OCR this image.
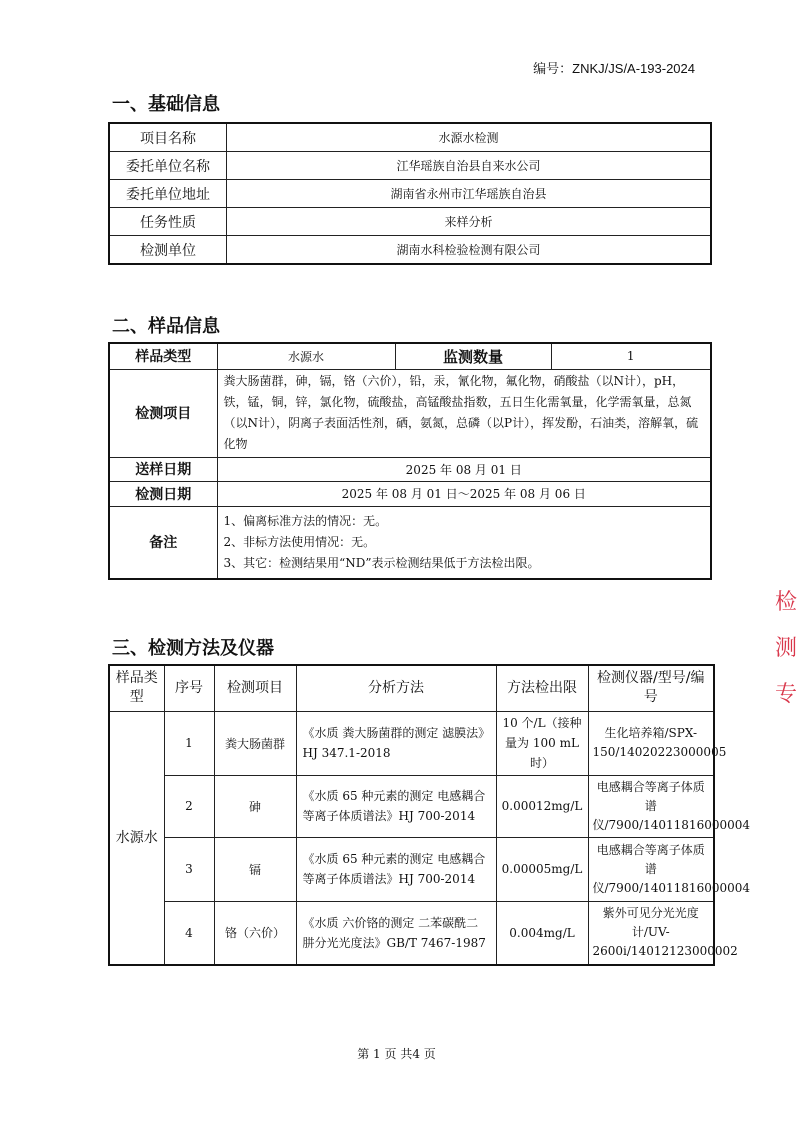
编号：ZNKJ/JS/A-193-2024
一、基础信息
项目名称	水源水检测
委托单位名称	江华瑶族自治县自来水公司
委托单位地址	湖南省永州市江华瑶族自治县
任务性质	来样分析
检测单位	湖南水科检验检测有限公司
二、样品信息
样品类型	水源水	监测数量	1
检测项目	粪大肠菌群，砷，镉，铬（六价），铅，汞，氰化物，氟化物，硝酸盐（以N计），pH，铁，锰，铜，锌，氯化物，硫酸盐，高锰酸盐指数，五日生化需氧量，化学需氧量，总氮（以N计），阴离子表面活性剂，硒，氨氮，总磷（以P计），挥发酚，石油类，溶解氧，硫化物		
送样日期	2025 年 08 月 01 日		
检测日期	2025 年 08 月 01 日～2025 年 08 月 06 日		
备注	1、偏离标准方法的情况：无。
2、非标方法使用情况：无。
3、其它：检测结果用“ND”表示检测结果低于方法检出限。		
三、检测方法及仪器
样品类型	序号	检测项目	分析方法	方法检出限	检测仪器/型号/编号
水源水	1	粪大肠菌群	《水质 粪大肠菌群的测定 滤膜法》HJ 347.1-2018	10 个/L（接种量为 100 mL 时）	生化培养箱/SPX-150/14020223000005
	2	砷	《水质 65 种元素的测定 电感耦合等离子体质谱法》HJ 700-2014	0.00012mg/L	电感耦合等离子体质谱仪/7900/14011816000004
	3	镉	《水质 65 种元素的测定 电感耦合等离子体质谱法》HJ 700-2014	0.00005mg/L	电感耦合等离子体质谱仪/7900/14011816000004
	4	铬（六价）	《水质 六价铬的测定 二苯碳酰二肼分光光度法》GB/T 7467-1987	0.004mg/L	紫外可见分光光度计/UV-2600i/14012123000002
第 1 页 共4 页
检 测 专
